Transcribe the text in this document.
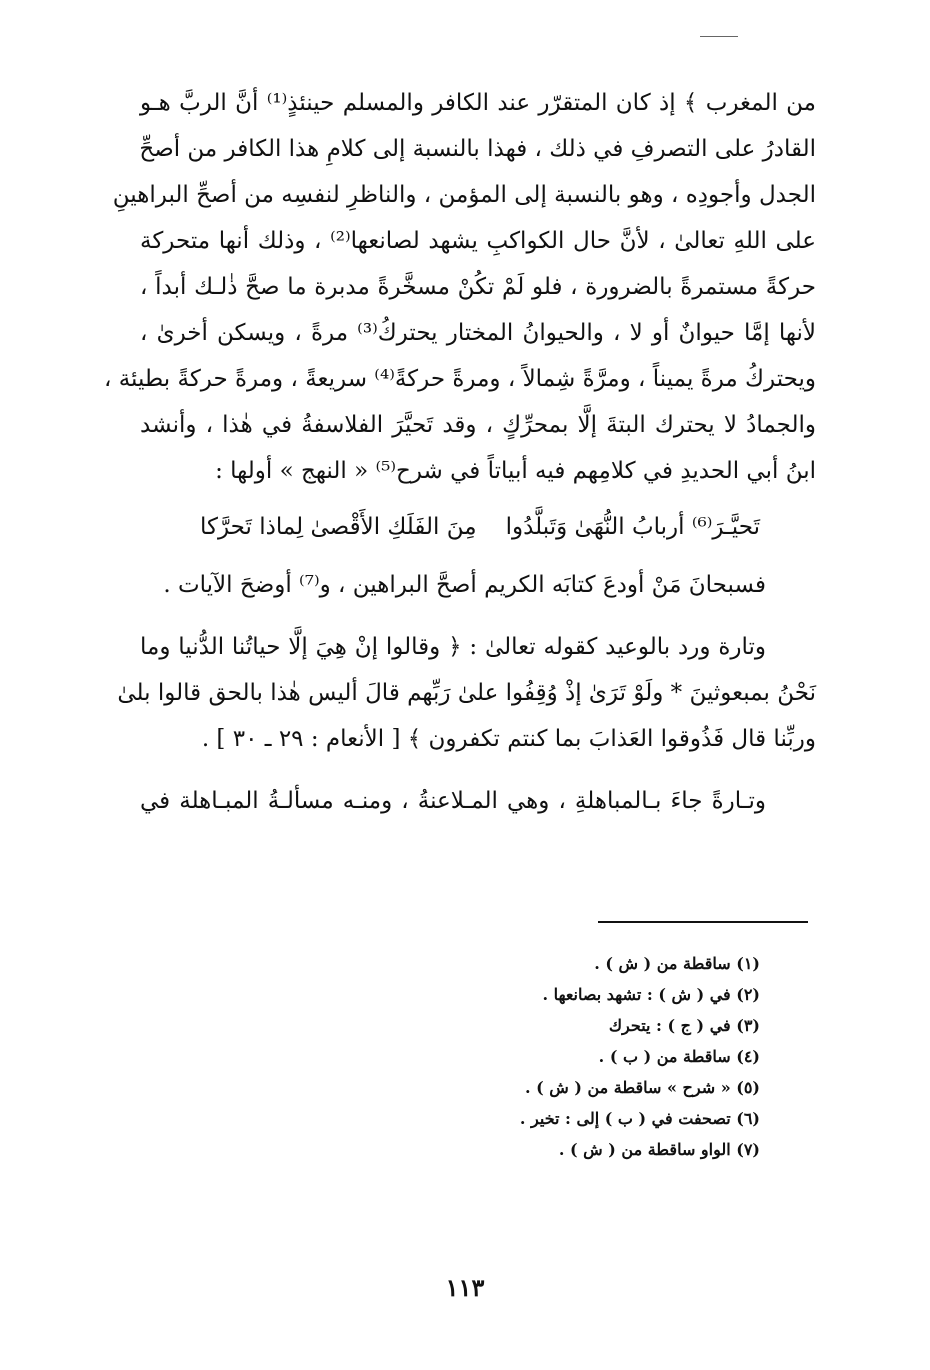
من المغرب ﴾ إذ كان المتقرّر عند الكافر والمسلم حينئذٍ⁽¹⁾ أنَّ الربَّ هـو
القادرُ على التصرفِ في ذلك ، فهذا بالنسبة إلى كلامِ هذا الكافر من أصحِّ
الجدل وأجودِه ، وهو بالنسبة إلى المؤمن ، والناظرِ لنفسِه من أصحِّ البراهينِ
على اللهِ تعالىٰ ، لأنَّ حال الكواكبِ يشهد لصانعها⁽²⁾ ، وذلك أنها متحركة
حركةً مستمرةً بالضرورة ، فلو لَمْ تكُنْ مسخَّرةً مدبرة ما صحَّ ذٰلـك أبداً ،
لأنها إمَّا حيوانٌ أو لا ، والحيوانُ المختار يحتركُ⁽³⁾ مرةً ، ويسكن أخرىٰ ،
ويحتركُ مرةً يميناً ، ومرَّةً شِمالاً ، ومرةً حركةً⁽⁴⁾ سريعةً ، ومرةً حركةً بطيئة ،
والجمادُ لا يحترك البتةَ إلَّا بمحرِّكٍ ، وقد تَحيَّرَ الفلاسفةُ في هٰذا ، وأنشد
ابنُ أبي الحديدِ في كلامِهم فيه أبياتاً في شرح⁽⁵⁾ « النهج » أولها :

تَحيَّـرَ⁽⁶⁾ أربابُ النُّهَىٰ وَتَبلَّدُوا
مِنَ الفَلَكِ الأَقْصىٰ لِماذا تَحرَّكا

فسبحانَ مَنْ أودعَ كتابَه الكريم أصحَّ البراهين ، و⁽⁷⁾ أوضحَ الآيات .

وتارة ورد بالوعيد كقوله تعالىٰ : ﴿ وقالوا إنْ هِيَ إلَّا حياتُنا الدُّنيا وما
نَحْنُ بمبعوثينَ * ولَوْ تَرَىٰ إذْ وُقِفُوا علىٰ رَبِّهم قالَ أليس هٰذا بالحق قالوا بلىٰ
وربِّنا قال فَذُوقوا العَذابَ بما كنتم تكفرون ﴾ [ الأنعام : ٢٩ ـ ٣٠ ] .

وتـارةً جاءَ بـالمباهلةِ ، وهي المـلاعنةُ ، ومنـه مسألـةُ المبـاهلة في

(١) ساقطة من ( ش ) .
(٢) في ( ش ) : تشهد بصانعها .
(٣) في ( ج ) : يتحرك
(٤) ساقطة من ( ب ) .
(٥) « شرح » ساقطة من ( ش ) .
(٦) تصحفت في ( ب ) إلى : تخير .
(٧) الواو ساقطة من ( ش ) .
١١٣
